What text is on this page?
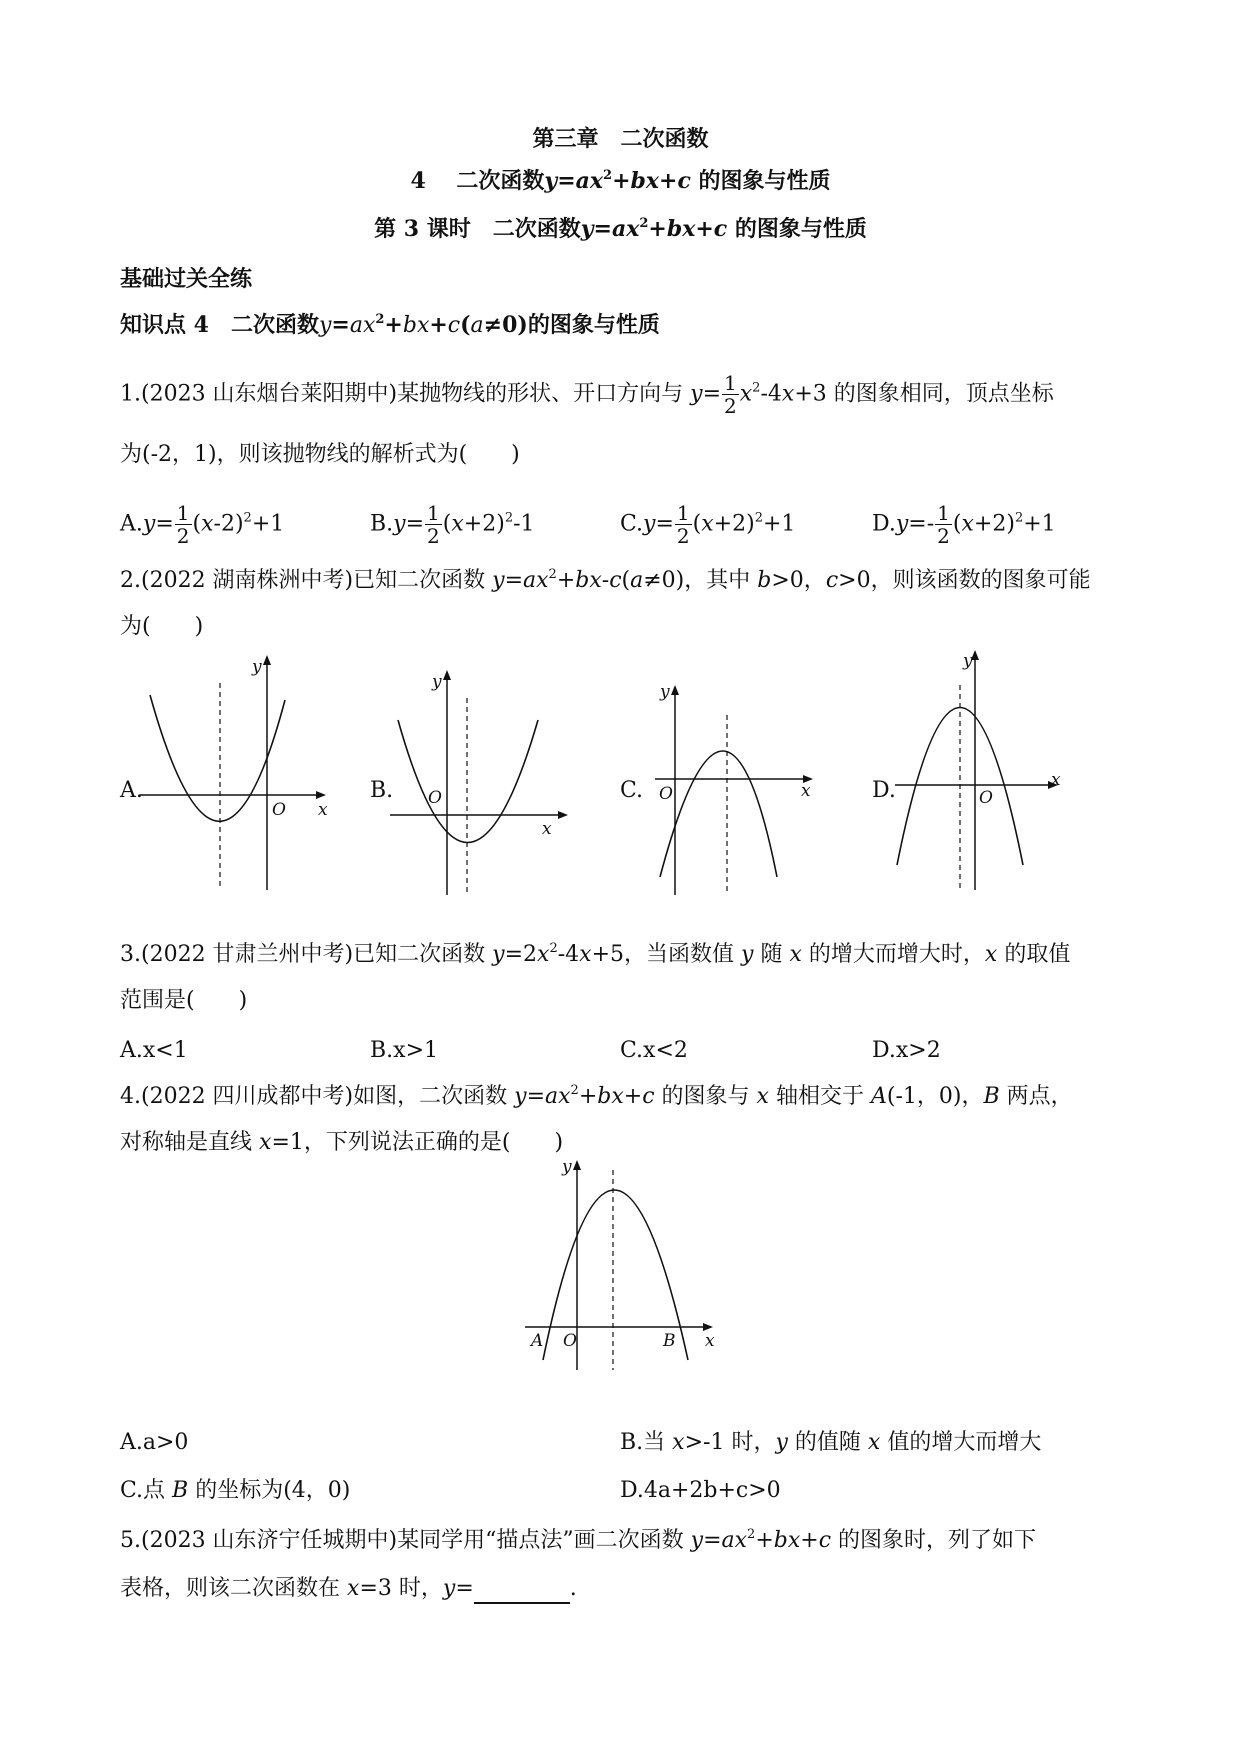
第三章　二次函数
4 二次函数$y=ax^2+bx+c$ 的图象与性质
第 3 课时　二次函数$y=ax^2+bx+c$ 的图象与性质
基础过关全练
知识点 4　二次函数$y=ax^2+bx+c(a\ne 0)$的图象与性质
1.(2023 山东烟台莱阳期中)某抛物线的形状、开口方向与 $y= \frac{1}{2} x^2-4x+3$ 的图象相同，顶点坐标
为(-2，1)，则该抛物线的解析式为(　　)
$A.y= \frac{1}{2} (x-2)^2+1$	$B.y= \frac{1}{2} (x+2)^2-1$	$C.y= \frac{1}{2} (x+2)^2+1$	$D.y=- \frac{1}{2} (x+2)^2+1$
2.(2022 湖南株洲中考)已知二次函数 $y=ax^2+bx-c(a\ne 0)$，其中 b>0，c>0，则该函数的图象可能
为(　　)
A.	B.	C.	D.
y
x
O
y
x
O
y
x
O
y
x
O
3.(2022 甘肃兰州中考)已知二次函数 $y=2x^2-4x+5$，当函数值 y 随 x 的增大而增大时，x 的取值
范围是(　　)
A.x<1	B.x>1	C.x<2	D.x>2
4.(2022 四川成都中考)如图，二次函数 $y=ax^2+bx+c$ 的图象与 x 轴相交于 A(-1，0)，B 两点，
对称轴是直线 x=1，下列说法正确的是(　　)
y
x
O
A	B
A.a>0	B.当 x>-1 时，y 的值随 x 值的增大而增大
C.点 B 的坐标为(4，0)	D.4a+2b+c>0
5.(2023 山东济宁任城期中)某同学用“描点法”画二次函数 $y=ax^2+bx+c$ 的图象时，列了如下
表格，则该二次函数在 x=3 时，y=	.
